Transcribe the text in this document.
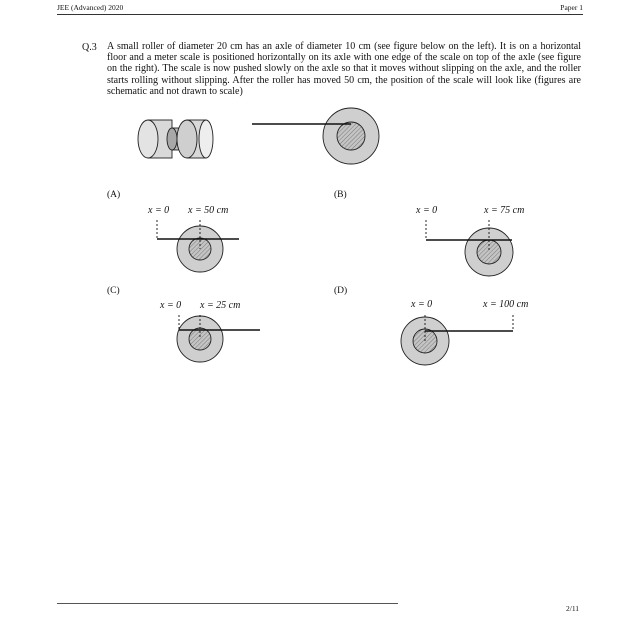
JEE (Advanced) 2020	Paper 1
Q.3 A small roller of diameter 20 cm has an axle of diameter 10 cm (see figure below on the left). It is on a horizontal floor and a meter scale is positioned horizontally on its axle with one edge of the scale on top of the axle (see figure on the right). The scale is now pushed slowly on the axle so that it moves without slipping on the axle, and the roller starts rolling without slipping. After the roller has moved 50 cm, the position of the scale will look like (figures are schematic and not drawn to scale)
(A)	(B)
(C)	(D)
x = 0 x = 50 cm	x = 0	x = 75 cm
x = 0 x = 25 cm	x = 0	x = 100 cm
2/11
